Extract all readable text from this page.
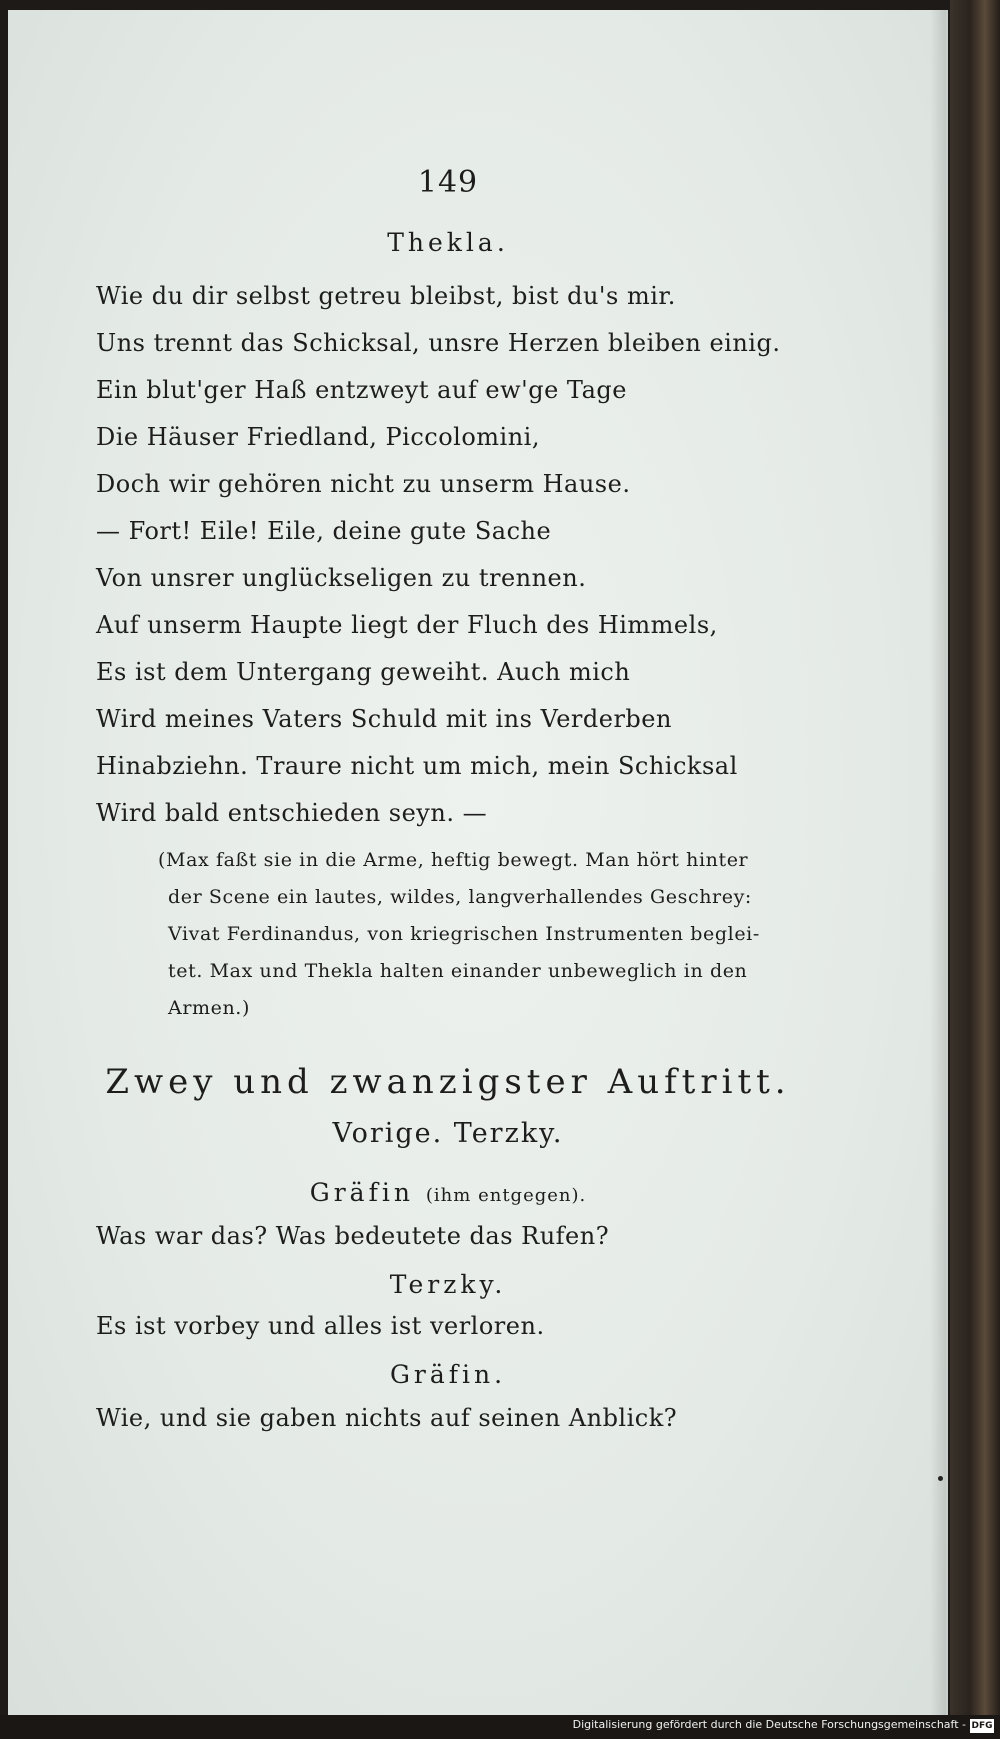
149
Thekla.
Wie du dir selbst getreu bleibst, bist du's mir.
Uns trennt das Schicksal, unsre Herzen bleiben einig.
Ein blut'ger Haß entzweyt auf ew'ge Tage
Die Häuser Friedland, Piccolomini,
Doch wir gehören nicht zu unserm Hause.
— Fort! Eile! Eile, deine gute Sache
Von unsrer unglückseligen zu trennen.
Auf unserm Haupte liegt der Fluch des Himmels,
Es ist dem Untergang geweiht. Auch mich
Wird meines Vaters Schuld mit ins Verderben
Hinabziehn. Traure nicht um mich, mein Schicksal
Wird bald entschieden seyn. —
(Max faßt sie in die Arme, heftig bewegt. Man hört hinter der Scene ein lautes, wildes, langverhallendes Geschrey: Vivat Ferdinandus, von kriegrischen Instrumenten beglei- tet. Max und Thekla halten einander unbeweglich in den Armen.)
Zwey und zwanzigster Auftritt.
Vorige. Terzky.
Gräfin (ihm entgegen).
Was war das? Was bedeutete das Rufen?
Terzky.
Es ist vorbey und alles ist verloren.
Gräfin.
Wie, und sie gaben nichts auf seinen Anblick?
Digitalisierung gefördert durch die Deutsche Forschungsgemeinschaft - DFG
